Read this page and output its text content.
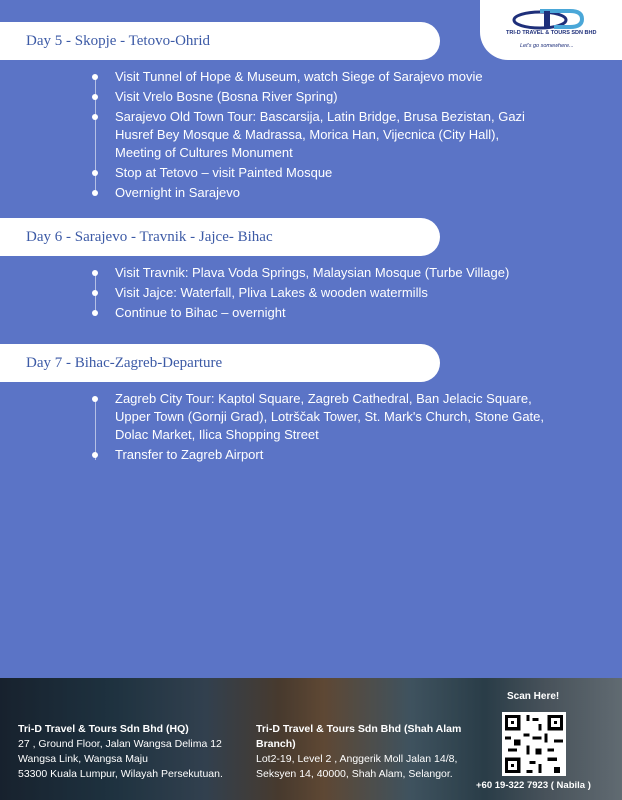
TRI-D TRAVEL & TOURS SDN BHD
Let's go somewhere...
Day 5 - Skopje - Tetovo-Ohrid
Visit Tunnel of Hope & Museum, watch Siege of Sarajevo movie
Visit Vrelo Bosne (Bosna River Spring)
Sarajevo Old Town Tour: Bascarsija, Latin Bridge, Brusa Bezistan, Gazi Husref Bey Mosque & Madrassa, Morica Han, Vijecnica (City Hall), Meeting of Cultures Monument
Stop at Tetovo – visit Painted Mosque
Overnight in Sarajevo
Day 6 - Sarajevo - Travnik - Jajce- Bihac
Visit Travnik: Plava Voda Springs, Malaysian Mosque (Turbe Village)
Visit Jajce: Waterfall, Pliva Lakes & wooden watermills
Continue to Bihac – overnight
Day 7 - Bihac-Zagreb-Departure
Zagreb City Tour: Kaptol Square, Zagreb Cathedral, Ban Jelacic Square, Upper Town (Gornji Grad), Lotrščak Tower, St. Mark's Church, Stone Gate, Dolac Market, Ilica Shopping Street
Transfer to Zagreb Airport
Tri-D Travel & Tours Sdn Bhd (HQ)
27 , Ground Floor, Jalan Wangsa Delima 12
Wangsa Link, Wangsa Maju
53300 Kuala Lumpur, Wilayah Persekutuan.
Tri-D Travel & Tours Sdn Bhd (Shah Alam Branch)
Lot2-19, Level 2 , Anggerik Moll Jalan 14/8,
Seksyen 14, 40000, Shah Alam, Selangor.
Scan Here!
+60 19-322 7923 ( Nabila )
